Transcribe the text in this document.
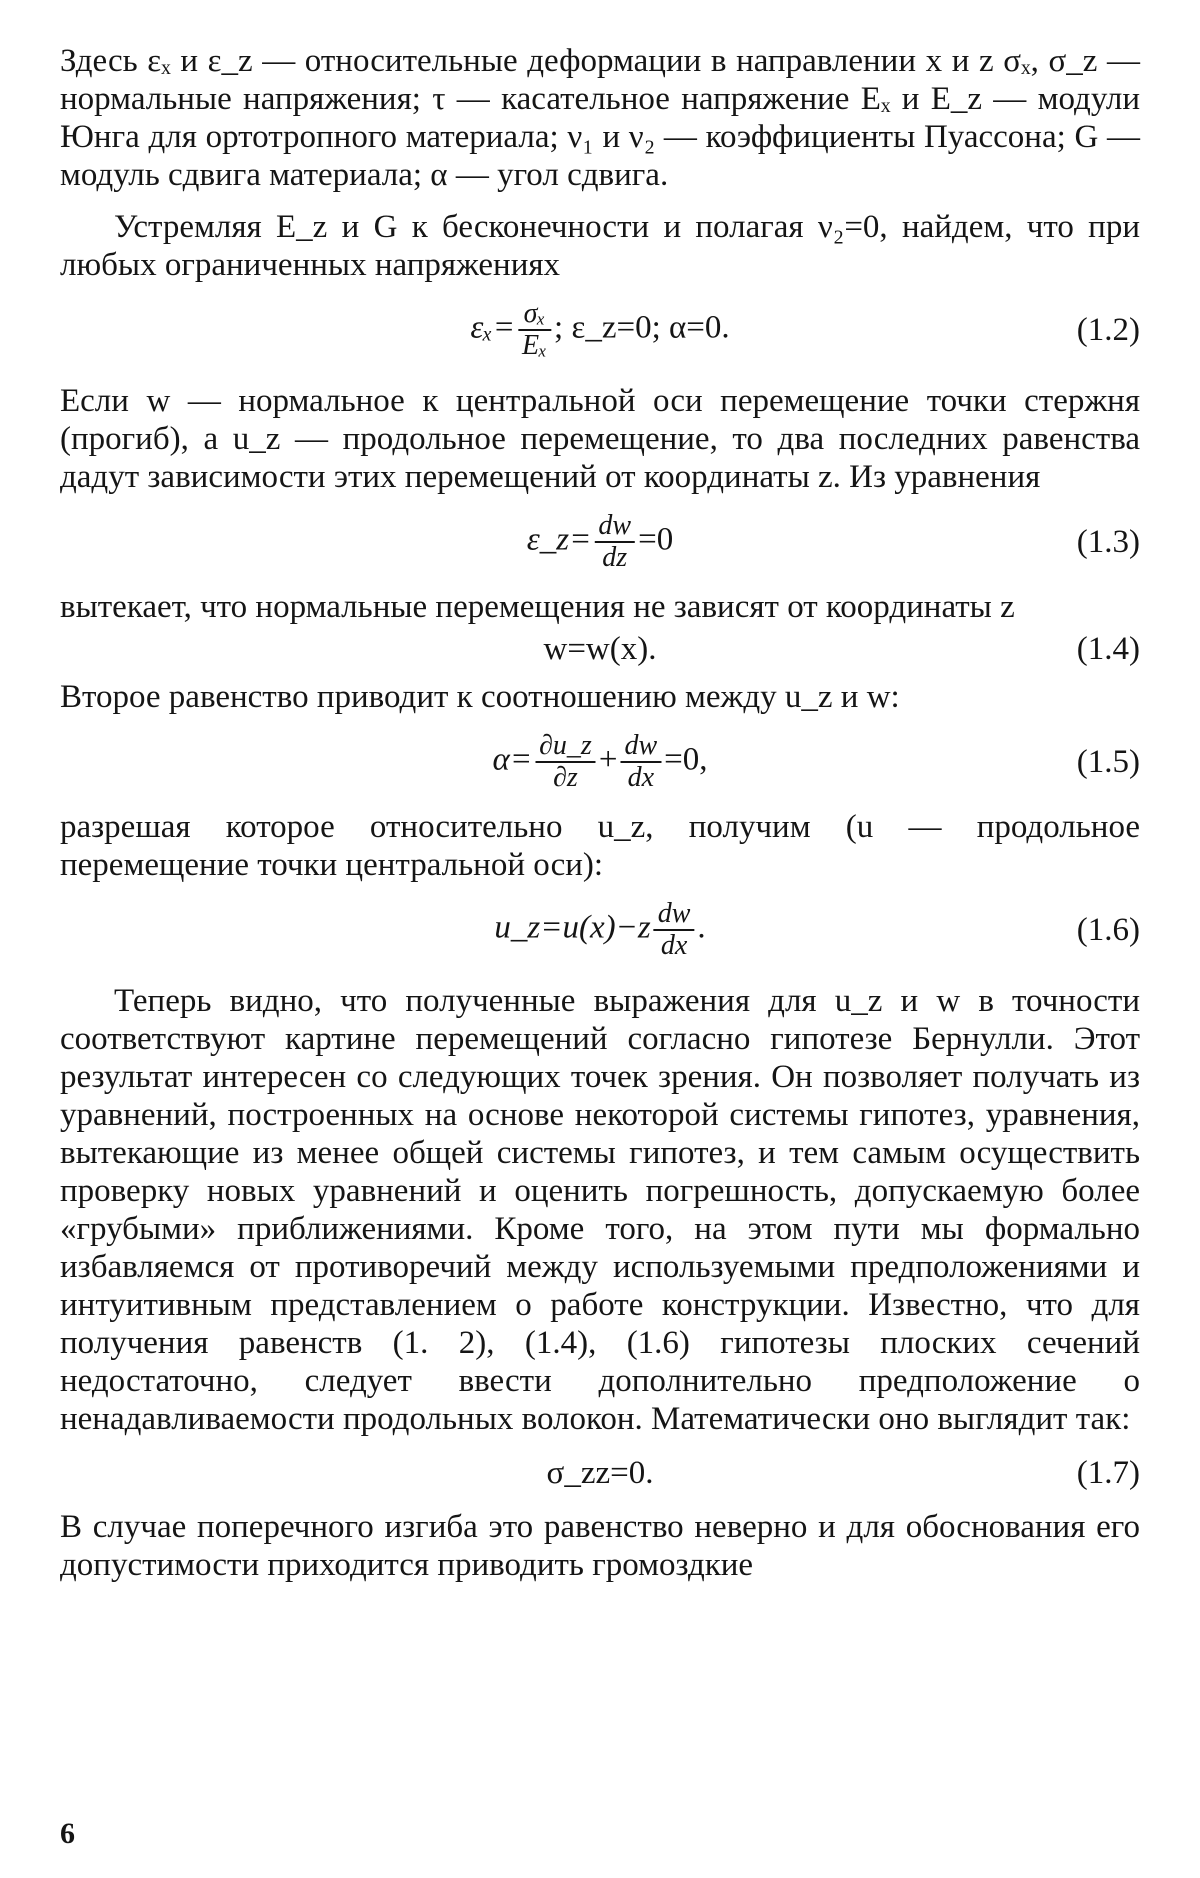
Здесь εₓ и ε_z — относительные деформации в направлении x и z σₓ, σ_z — нормальные напряжения; τ — касательное напряжение Eₓ и E_z — модули Юнга для ортотропного материала; ν₁ и ν₂ — коэффициенты Пуассона; G — модуль сдвига материала; α — угол сдвига.

Устремляя E_z и G к бесконечности и полагая ν₂=0, найдем, что при любых ограниченных напряжениях

$\varepsilon_x= \frac{\text{σₓ}}{\text{Eₓ}}$ ; ε_z=0; α=0.	(1.2)

Если w — нормальное к центральной оси перемещение точки стержня (прогиб), а u_z — продольное перемещение, то два последних равенства дадут зависимости этих перемещений от координаты z. Из уравнения

ε_z= $\frac{dw}{dz} =0$	(1.3)

вытекает, что нормальные перемещения не зависят от координаты z

w=w(x).	(1.4)

Второе равенство приводит к соотношению между u_z и w:

$\alpha= \frac{\partial u\_z}{\partial z} + \frac{dw}{dx} =0$,	(1.5)

разрешая которое относительно u_z, получим (u — продольное перемещение точки центральной оси):

u_z=u(x)−z $\frac{dw}{dx}$ .	(1.6)

Теперь видно, что полученные выражения для u_z и w в точности соответствуют картине перемещений согласно гипотезе Бернулли. Этот результат интересен со следующих точек зрения. Он позволяет получать из уравнений, построенных на основе некоторой системы гипотез, уравнения, вытекающие из менее общей системы гипотез, и тем самым осуществить проверку новых уравнений и оценить погрешность, допускаемую более «грубыми» приближениями. Кроме того, на этом пути мы формально избавляемся от противоречий между используемыми предположениями и интуитивным представлением о работе конструкции. Известно, что для получения равенств (1. 2), (1.4), (1.6) гипотезы плоских сечений недостаточно, следует ввести дополнительно предположение о ненадавливаемости продольных волокон. Математически оно выглядит так:

σ_zz=0.	(1.7)

В случае поперечного изгиба это равенство неверно и для обоснования его допустимости приходится приводить громоздкие

6
